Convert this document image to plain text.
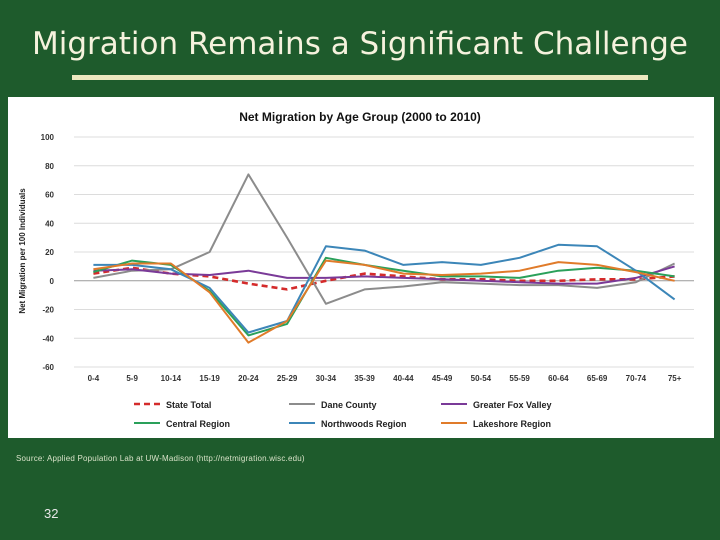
Migration Remains a Significant Challenge
Net Migration by Age Group (2000 to 2010)
Net Migration per 100 Individuals
-60
-40
-20
0
20
40
60
80
100
0-4	5-9	10-14 15-19 20-24 25-29 30-34 35-39 40-44 45-49 50-54 55-59 60-64 65-69 70-74	75+
State Total	Dane County	Greater Fox Valley
Central Region	Northwoods Region	Lakeshore Region
Source: Applied Population Lab at UW-Madison (http://netmigration.wisc.edu)
32
